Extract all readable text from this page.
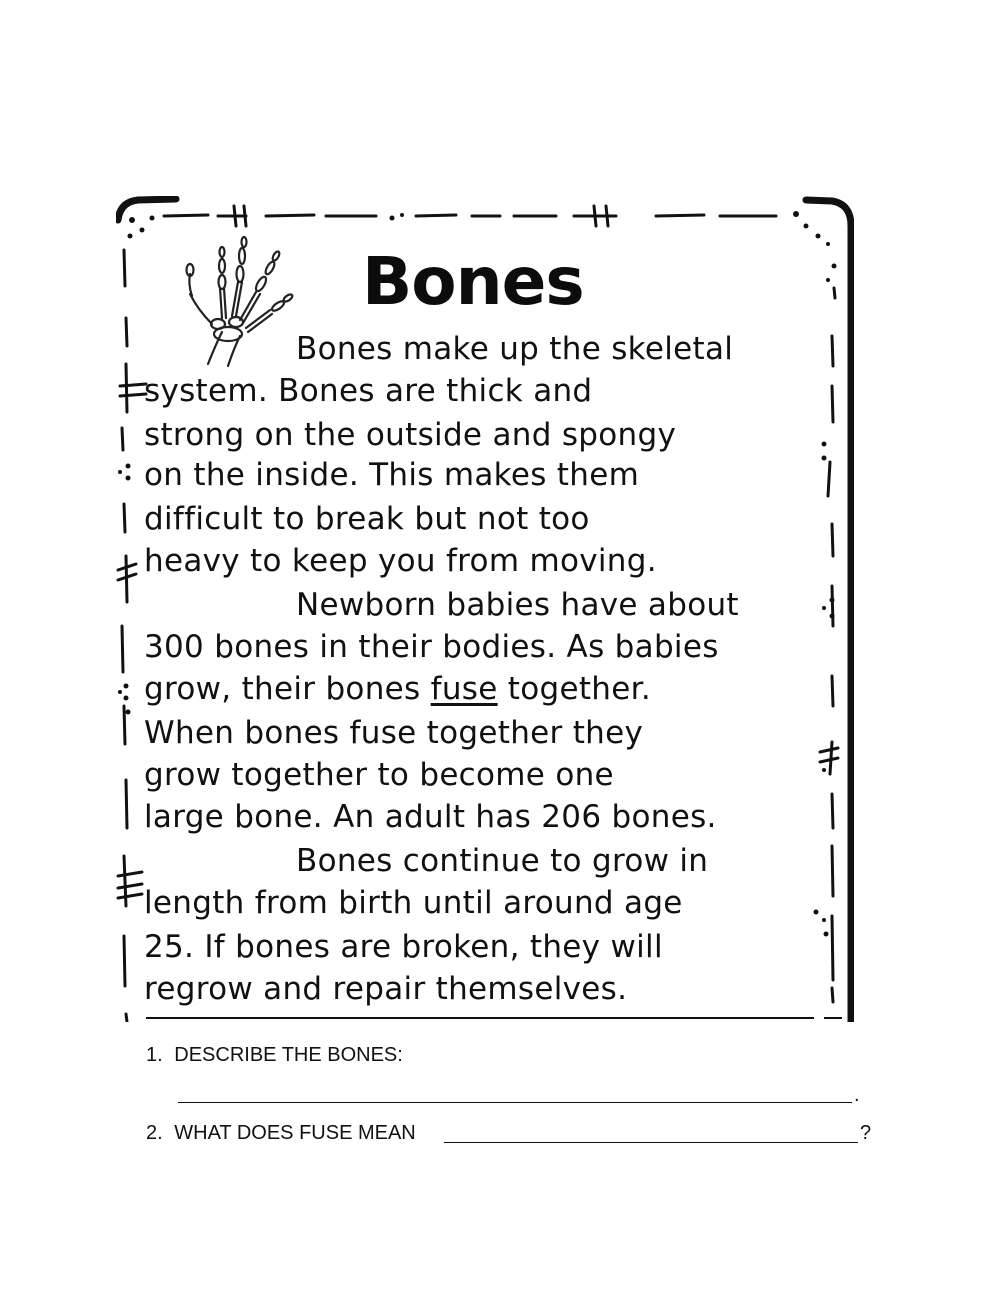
Bones
Bones make up the skeletal
system. Bones are thick and
strong on the outside and spongy
on the inside. This makes them
difficult to break but not too
heavy to keep you from moving.
Newborn babies have about
300 bones in their bodies. As babies
grow, their bones fuse together.
When bones fuse together they
grow together to become one
large bone. An adult has 206 bones.
Bones continue to grow in
length from birth until around age
25. If bones are broken, they will
regrow and repair themselves.
1. DESCRIBE THE BONES:
.
2. WHAT DOES FUSE MEAN	?
